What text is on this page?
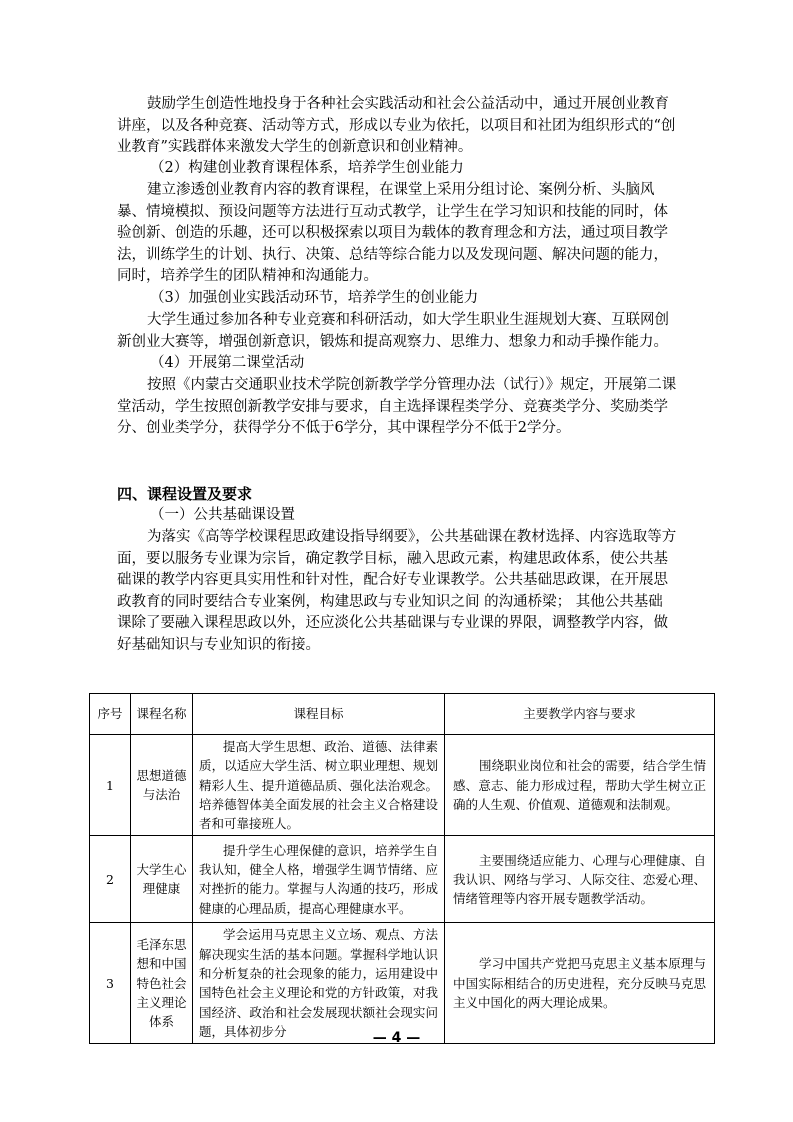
鼓励学生创造性地投身于各种社会实践活动和社会公益活动中，通过开展创业教育讲座，以及各种竞赛、活动等方式，形成以专业为依托，以项目和社团为组织形式的“创业教育”实践群体来激发大学生的创新意识和创业精神。

（2）构建创业教育课程体系，培养学生创业能力

建立渗透创业教育内容的教育课程，在课堂上采用分组讨论、案例分析、头脑风暴、情境模拟、预设问题等方法进行互动式教学，让学生在学习知识和技能的同时，体验创新、创造的乐趣，还可以积极探索以项目为载体的教育理念和方法，通过项目教学法，训练学生的计划、执行、决策、总结等综合能力以及发现问题、解决问题的能力，同时，培养学生的团队精神和沟通能力。

（3）加强创业实践活动环节，培养学生的创业能力

大学生通过参加各种专业竞赛和科研活动，如大学生职业生涯规划大赛、互联网创新创业大赛等，增强创新意识，锻炼和提高观察力、思维力、想象力和动手操作能力。

（4）开展第二课堂活动

按照《内蒙古交通职业技术学院创新教学学分管理办法（试行）》规定，开展第二课堂活动，学生按照创新教学安排与要求，自主选择课程类学分、竞赛类学分、奖励类学分、创业类学分，获得学分不低于6学分，其中课程学分不低于2学分。

四、课程设置及要求

（一）公共基础课设置

为落实《高等学校课程思政建设指导纲要》，公共基础课在教材选择、内容选取等方面，要以服务专业课为宗旨，确定教学目标，融入思政元素，构建思政体系，使公共基础课的教学内容更具实用性和针对性，配合好专业课教学。公共基础思政课，在开展思政教育的同时要结合专业案例，构建思政与专业知识之间 的沟通桥梁； 其他公共基础课除了要融入课程思政以外，还应淡化公共基础课与专业课的界限，调整教学内容，做好基础知识与专业知识的衔接。

序号	课程名称	课程目标	主要教学内容与要求
1	思想道德与法治	提高大学生思想、政治、道德、法律素质，以适应大学生活、树立职业理想、规划精彩人生、提升道德品质、强化法治观念。培养德智体美全面发展的社会主义合格建设者和可靠接班人。	围绕职业岗位和社会的需要，结合学生情感、意志、能力形成过程，帮助大学生树立正确的人生观、价值观、道德观和法制观。
2	大学生心理健康	提升学生心理保健的意识，培养学生自我认知，健全人格，增强学生调节情绪、应对挫折的能力。掌握与人沟通的技巧，形成健康的心理品质，提高心理健康水平。	主要围绕适应能力、心理与心理健康、自我认识、网络与学习、人际交往、恋爱心理、情绪管理等内容开展专题教学活动。
3	毛泽东思想和中国特色社会主义理论体系	学会运用马克思主义立场、观点、方法解决现实生活的基本问题。掌握科学地认识和分析复杂的社会现象的能力，运用建设中国特色社会主义理论和党的方针政策，对我国经济、政治和社会发展现状额社会现实问题，具体初步分	学习中国共产党把马克思主义基本原理与中国实际相结合的历史进程，充分反映马克思主义中国化的两大理论成果。
— 4 —
